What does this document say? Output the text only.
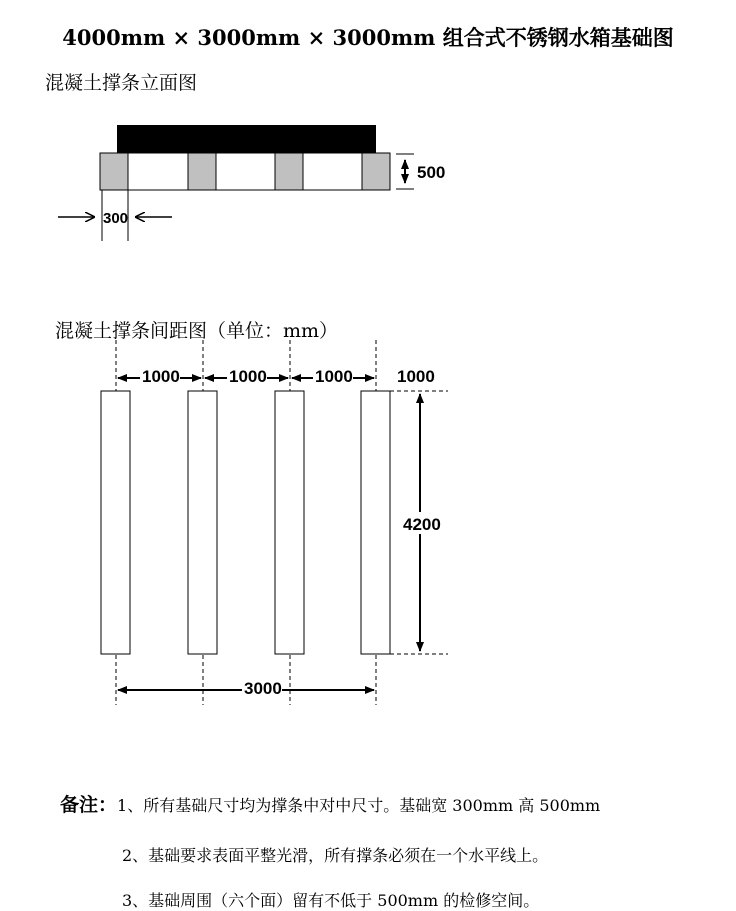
4000mm × 3000mm × 3000mm 组合式不锈钢水箱基础图
混凝土撑条立面图
混凝土撑条间距图（单位：mm）
500
300
1000	1000	1000	1000
4200
3000
备注：1、所有基础尺寸均为撑条中对中尺寸。基础宽 300mm 高 500mm
2、基础要求表面平整光滑，所有撑条必须在一个水平线上。
3、基础周围（六个面）留有不低于 500mm 的检修空间。
